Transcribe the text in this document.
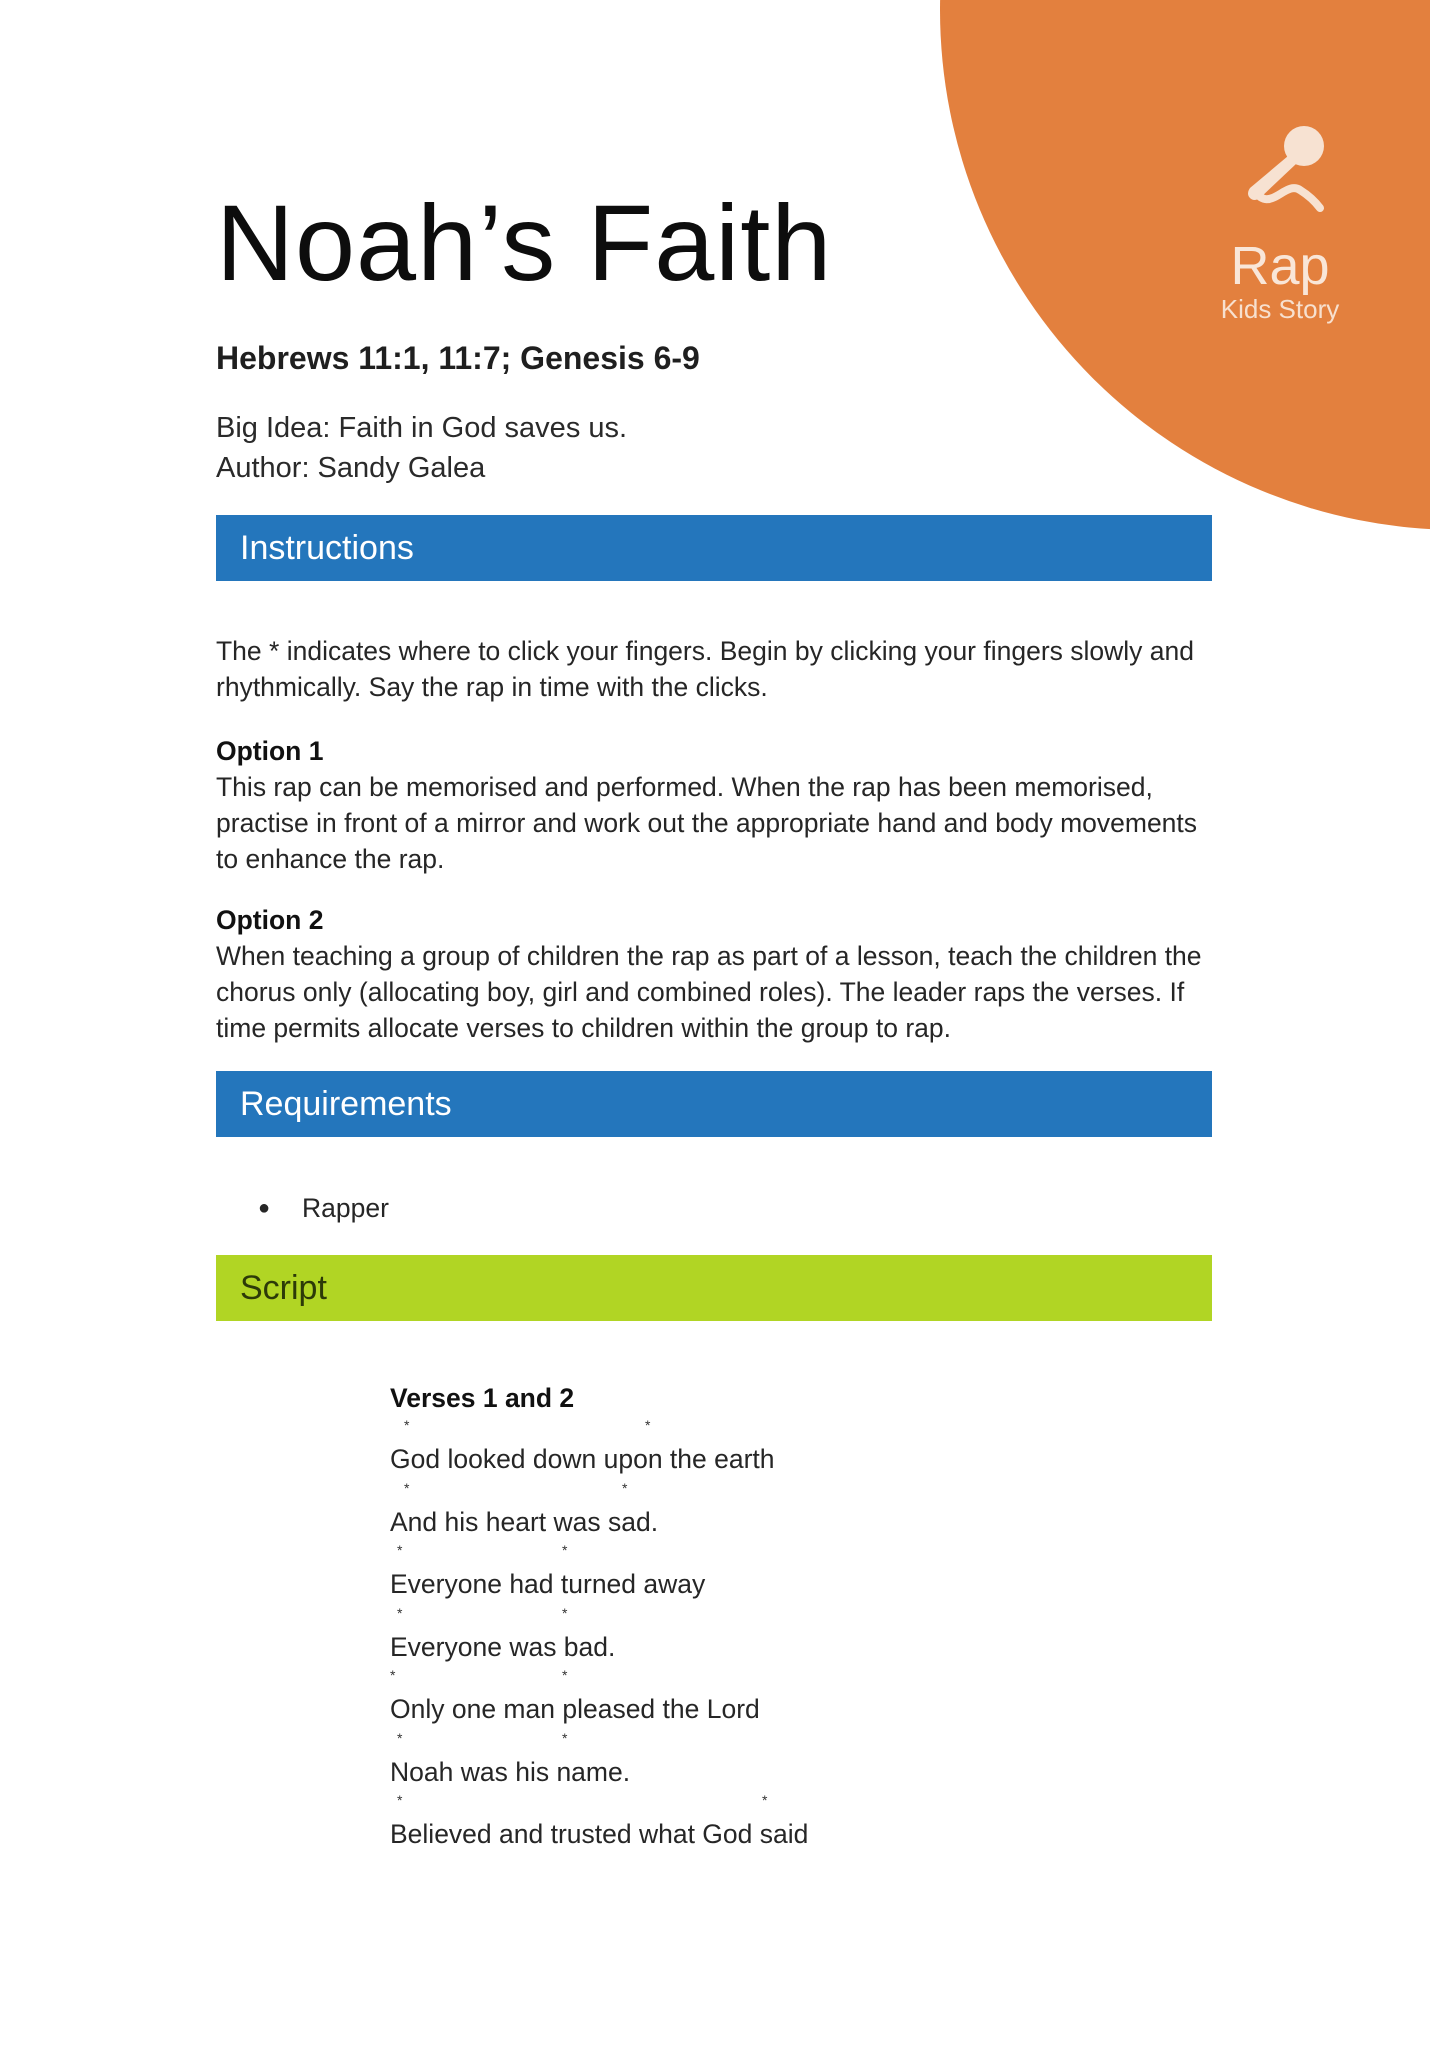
Rap
Kids Story
Noah’s Faith
Hebrews 11:1, 11:7; Genesis 6-9
Big Idea: Faith in God saves us.
Author: Sandy Galea
Instructions

The * indicates where to click your fingers. Begin by clicking your fingers slowly and rhythmically. Say the rap in time with the clicks.

Option 1
This rap can be memorised and performed. When the rap has been memorised, practise in front of a mirror and work out the appropriate hand and body movements to enhance the rap.
Option 2
When teaching a group of children the rap as part of a lesson, teach the children the chorus only (allocating boy, girl and combined roles). The leader raps the verses. If time permits allocate verses to children within the group to rap.
Requirements
● Rapper
Script
Verses 1 and 2
God looked down upon the earth
*	*
And his heart was sad.
*	*
Everyone had turned away
*	*
Everyone was bad.
*	*
Only one man pleased the Lord
*	*
Noah was his name.
*	*
Believed and trusted what God said
*	*
